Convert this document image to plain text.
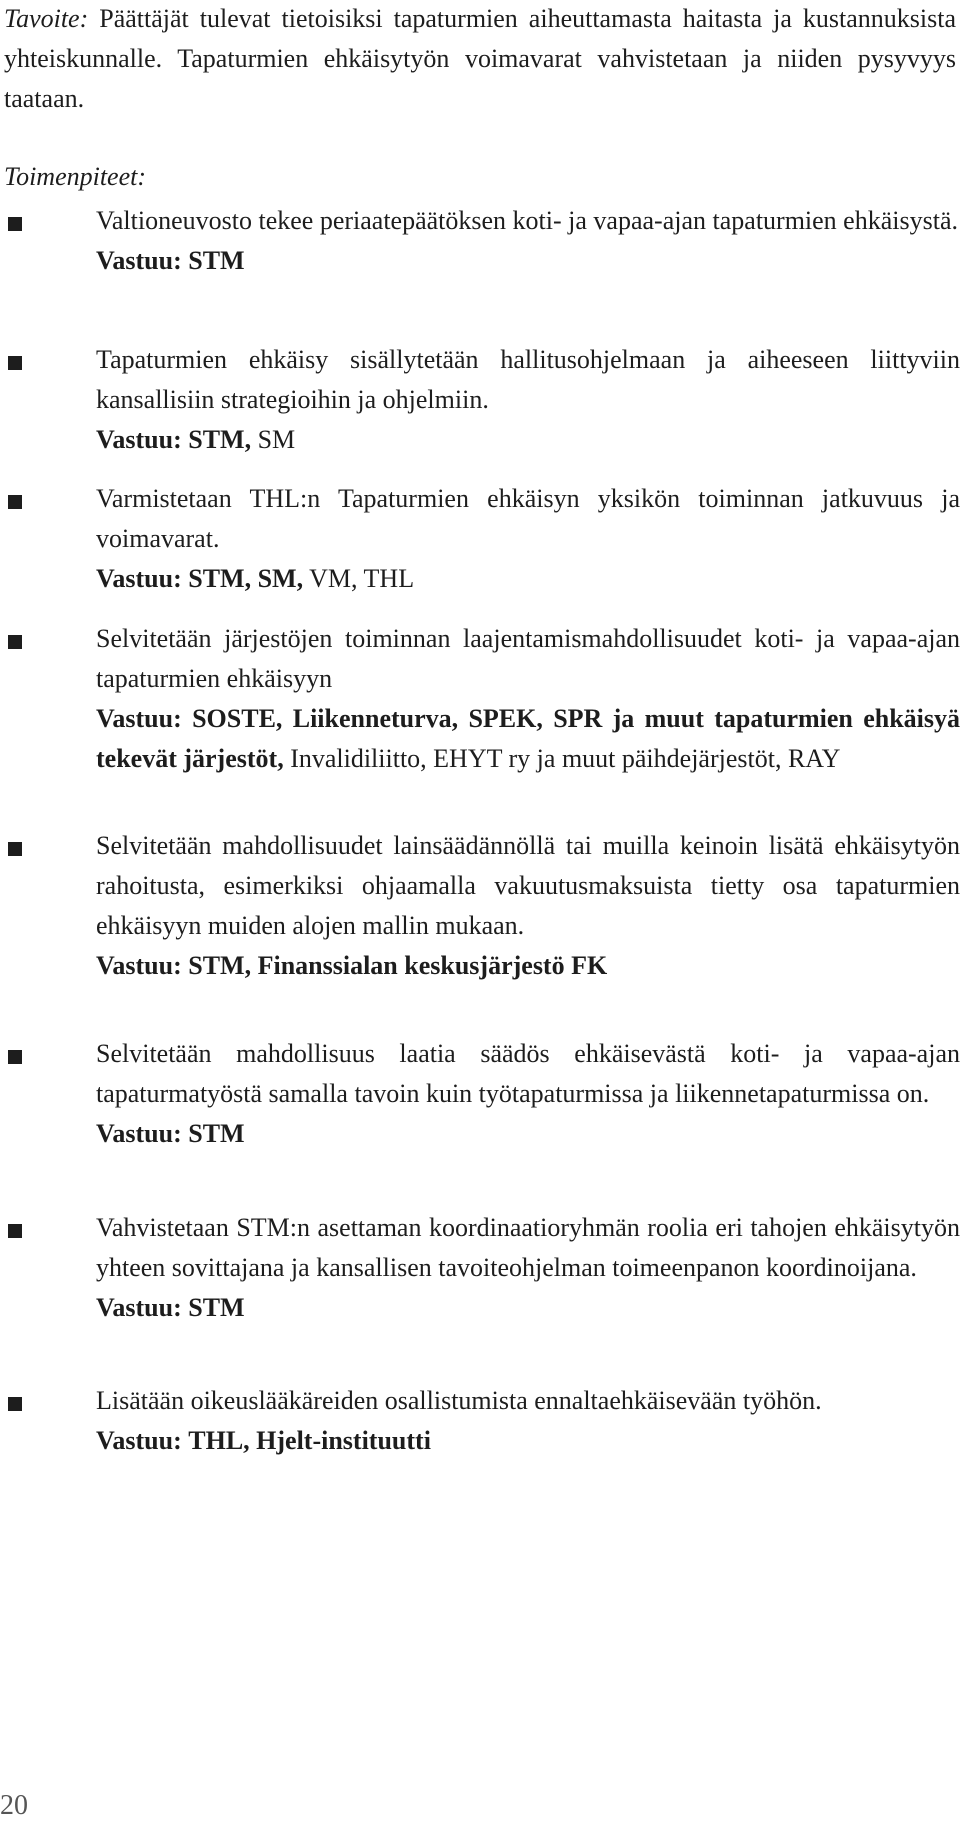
Tavoite: Päättäjät tulevat tietoisiksi tapaturmien aiheuttamasta haitasta ja kustannuksista yhteiskunnalle. Tapaturmien ehkäisytyön voimavarat vahvistetaan ja niiden pysyvyys taataan.

Toimenpiteet:

Valtioneuvosto tekee periaatepäätöksen koti- ja vapaa-ajan tapaturmien ehkäisystä.
Vastuu: STM
Tapaturmien ehkäisy sisällytetään hallitusohjelmaan ja aiheeseen liittyviin kansallisiin strategioihin ja ohjelmiin.
Vastuu: STM, SM
Varmistetaan THL:n Tapaturmien ehkäisyn yksikön toiminnan jatkuvuus ja voimavarat.
Vastuu: STM, SM, VM, THL
Selvitetään järjestöjen toiminnan laajentamismahdollisuudet koti- ja vapaa-ajan tapaturmien ehkäisyyn
Vastuu: SOSTE, Liikenneturva, SPEK, SPR ja muut tapaturmien ehkäisyä tekevät järjestöt, Invalidiliitto, EHYT ry ja muut päihdejärjestöt, RAY
Selvitetään mahdollisuudet lainsäädännöllä tai muilla keinoin lisätä ehkäisytyön rahoitusta, esimerkiksi ohjaamalla vakuutusmaksuista tietty osa tapaturmien ehkäisyyn muiden alojen mallin mukaan.
Vastuu: STM, Finanssialan keskusjärjestö FK
Selvitetään mahdollisuus laatia säädös ehkäisevästä koti- ja vapaa-ajan tapaturmatyöstä samalla tavoin kuin työtapaturmissa ja liikennetapaturmissa on.
Vastuu: STM
Vahvistetaan STM:n asettaman koordinaatioryhmän roolia eri tahojen ehkäisytyön yhteen sovittajana ja kansallisen tavoiteohjelman toimeenpanon koordinoijana.
Vastuu: STM
Lisätään oikeuslääkäreiden osallistumista ennaltaehkäisevään työhön.
Vastuu: THL, Hjelt-instituutti
20
